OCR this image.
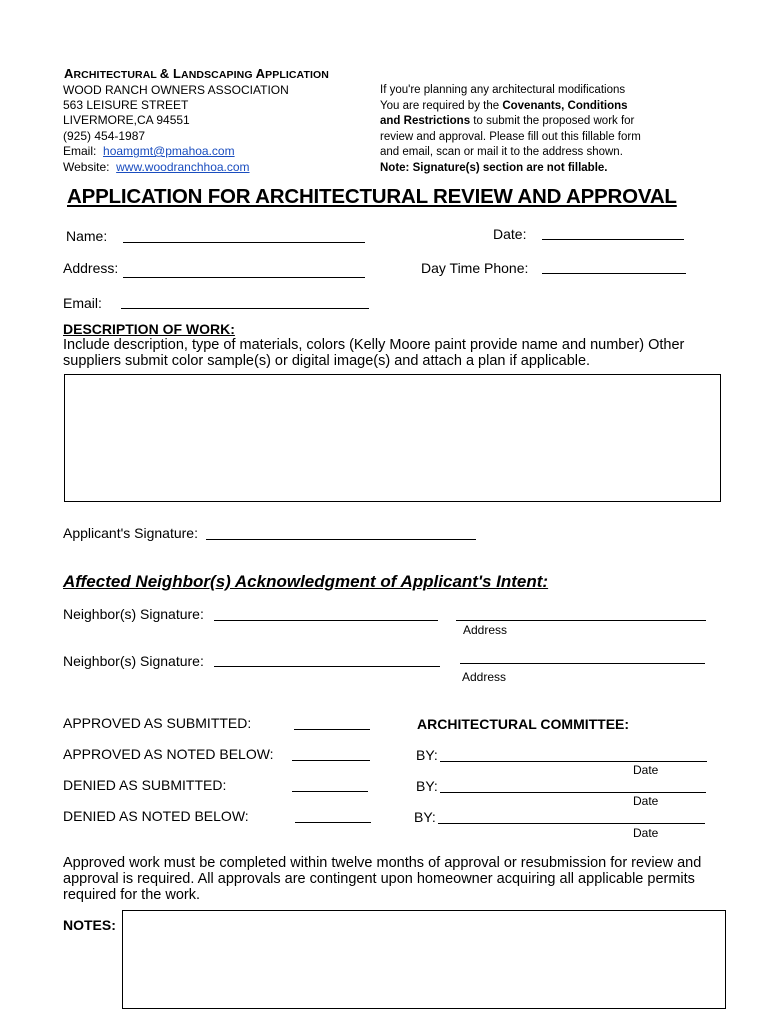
ARCHITECTURAL & LANDSCAPING APPLICATION
WOOD RANCH OWNERS ASSOCIATION
563 LEISURE STREET
LIVERMORE,CA 94551
(925) 454-1987
Email: hoamgmt@pmahoa.com
Website: www.woodranchhoa.com
If you're planning any architectural modifications
You are required by the Covenants, Conditions
and Restrictions to submit the proposed work for
review and approval. Please fill out this fillable form
and email, scan or mail it to the address shown.
Note: Signature(s) section are not fillable.
APPLICATION FOR ARCHITECTURAL REVIEW AND APPROVAL
Name:	Date:
Address:	Day Time Phone:
Email:
DESCRIPTION OF WORK:
Include description, type of materials, colors (Kelly Moore paint provide name and number) Other suppliers submit color sample(s) or digital image(s) and attach a plan if applicable.
Applicant's Signature:
Affected Neighbor(s) Acknowledgment of Applicant's Intent:
Neighbor(s) Signature:
Address
Neighbor(s) Signature:
Address
APPROVED AS SUBMITTED:
APPROVED AS NOTED BELOW:
DENIED AS SUBMITTED:
DENIED AS NOTED BELOW:
ARCHITECTURAL COMMITTEE:
BY:
Date
BY:
Date
BY:
Date
Approved work must be completed within twelve months of approval or resubmission for review and approval is required. All approvals are contingent upon homeowner acquiring all applicable permits required for the work.
NOTES:
